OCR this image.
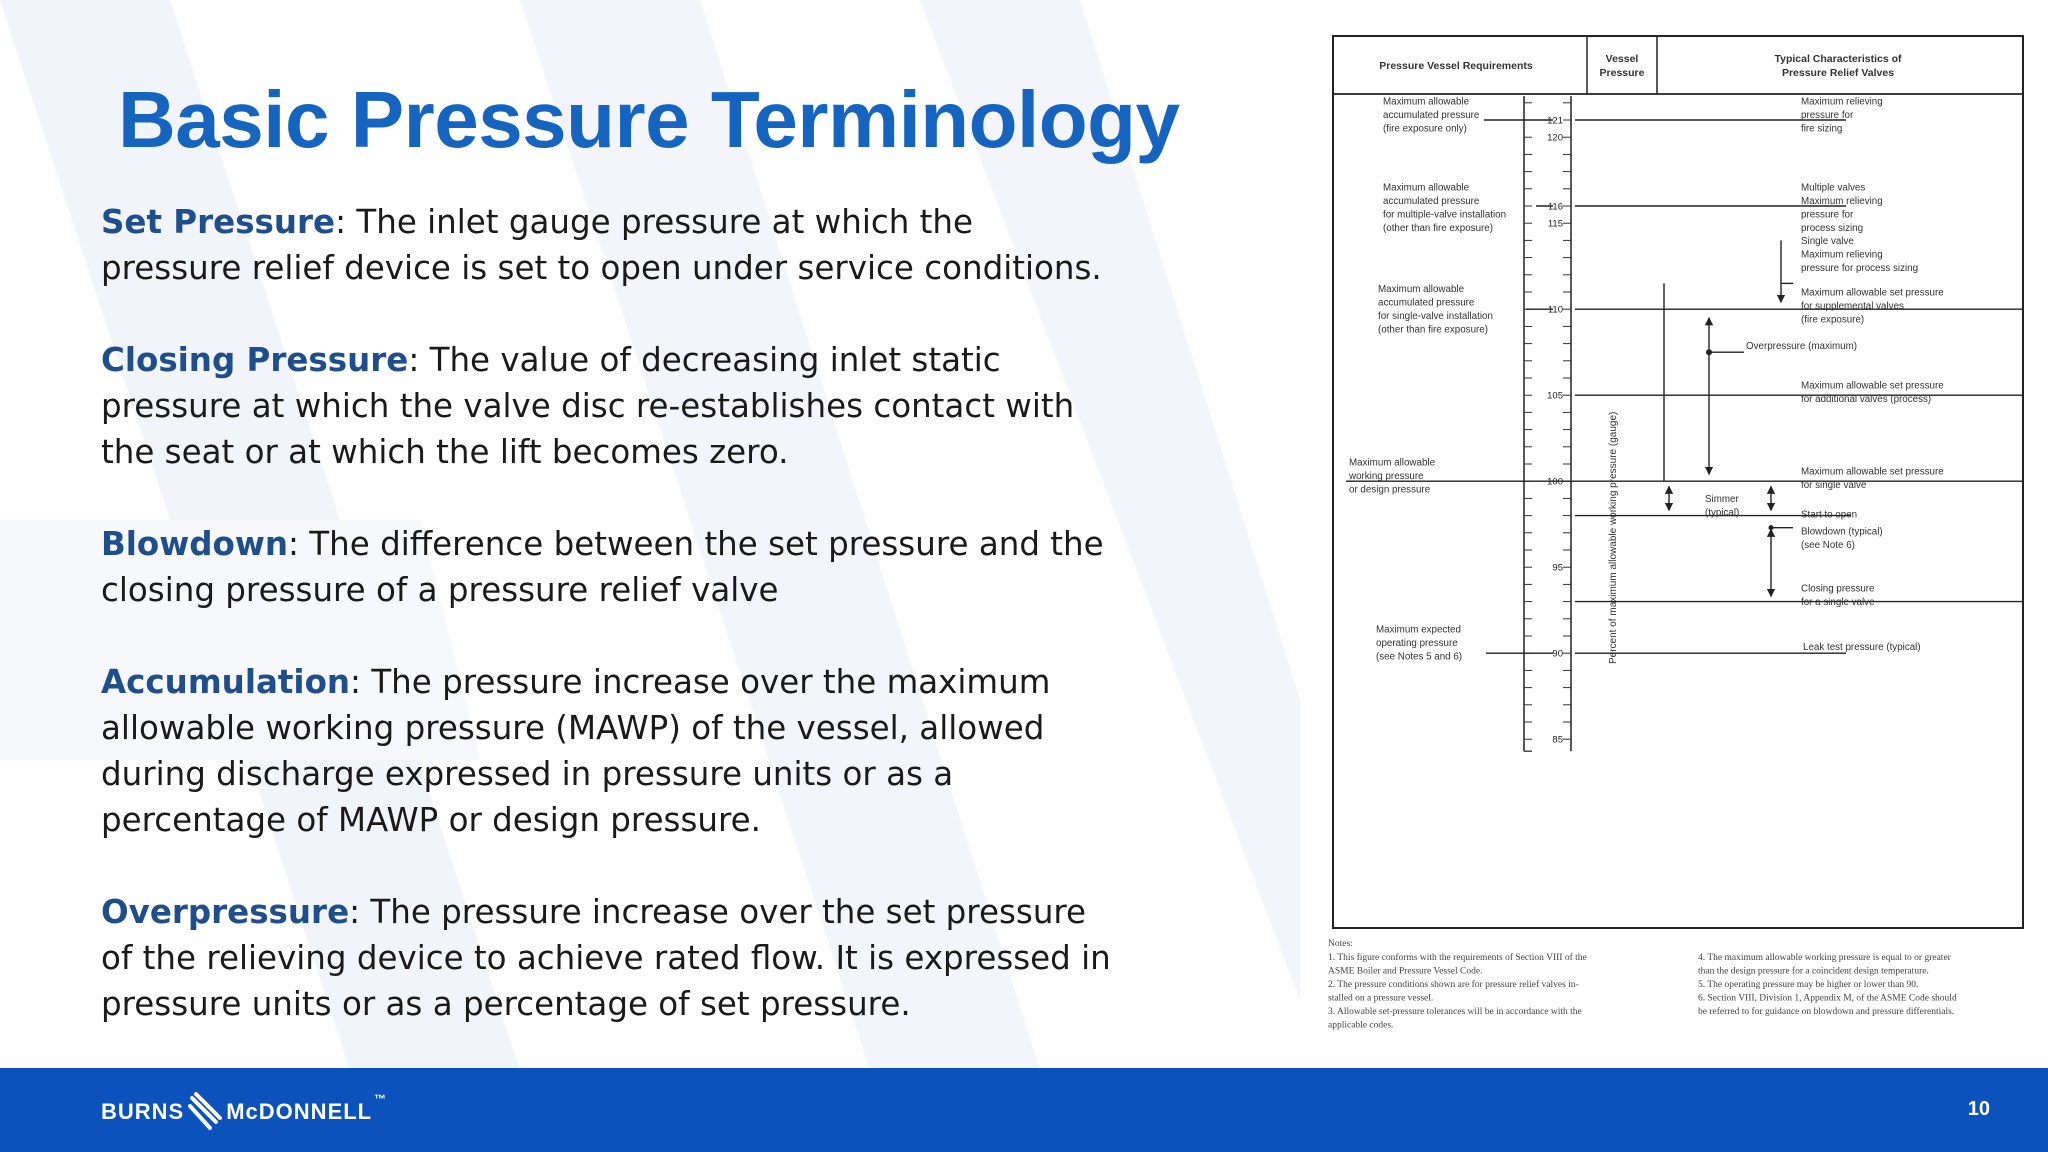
Basic Pressure Terminology

Set Pressure: The inlet gauge pressure at which the pressure relief device is set to open under service conditions.

Closing Pressure: The value of decreasing inlet static pressure at which the valve disc re-establishes contact with the seat or at which the lift becomes zero.

Blowdown: The difference between the set pressure and the closing pressure of a pressure relief valve

Accumulation: The pressure increase over the maximum allowable working pressure (MAWP) of the vessel, allowed during discharge expressed in pressure units or as a percentage of MAWP or design pressure.

Overpressure: The pressure increase over the set pressure of the relieving device to achieve rated flow. It is expressed in pressure units or as a percentage of set pressure.

Pressure Vessel Requirements
Vessel
Pressure
Typical Characteristics of
Pressure Relief Valves
121
120
116
115
110
105
100
95
90
85
Percent of maximum allowable working pressure (gauge)
Maximum allowable
accumulated pressure
(fire exposure only)
Maximum allowable
accumulated pressure
for multiple-valve installation
(other than fire exposure)
Maximum allowable
accumulated pressure
for single-valve installation
(other than fire exposure)
Maximum allowable
working pressure
or design pressure
Maximum expected
operating pressure
(see Notes 5 and 6)
Maximum relieving
pressure for
fire sizing
Multiple valves
Maximum relieving
pressure for
process sizing
Single valve
Maximum relieving
pressure for process sizing
Maximum allowable set pressure
for supplemental valves
(fire exposure)
Overpressure (maximum)
Maximum allowable set pressure
for additional valves (process)
Maximum allowable set pressure
for single valve
Simmer
(typical)	Start to open
Blowdown (typical)
(see Note 6)
Closing pressure
for a single valve
Leak test pressure (typical)
Notes:
1. This figure conforms with the requirements of Section VIII of the
ASME Boiler and Pressure Vessel Code.
2. The pressure conditions shown are for pressure relief valves in-
stalled on a pressure vessel.
3. Allowable set-pressure tolerances will be in accordance with the
applicable codes.
4. The maximum allowable working pressure is equal to or greater
than the design pressure for a coincident design temperature.
5. The operating pressure may be higher or lower than 90.
6. Section VIII, Division 1, Appendix M, of the ASME Code should
be referred to for guidance on blowdown and pressure differentials.
BURNS McDONNELL ™	10
